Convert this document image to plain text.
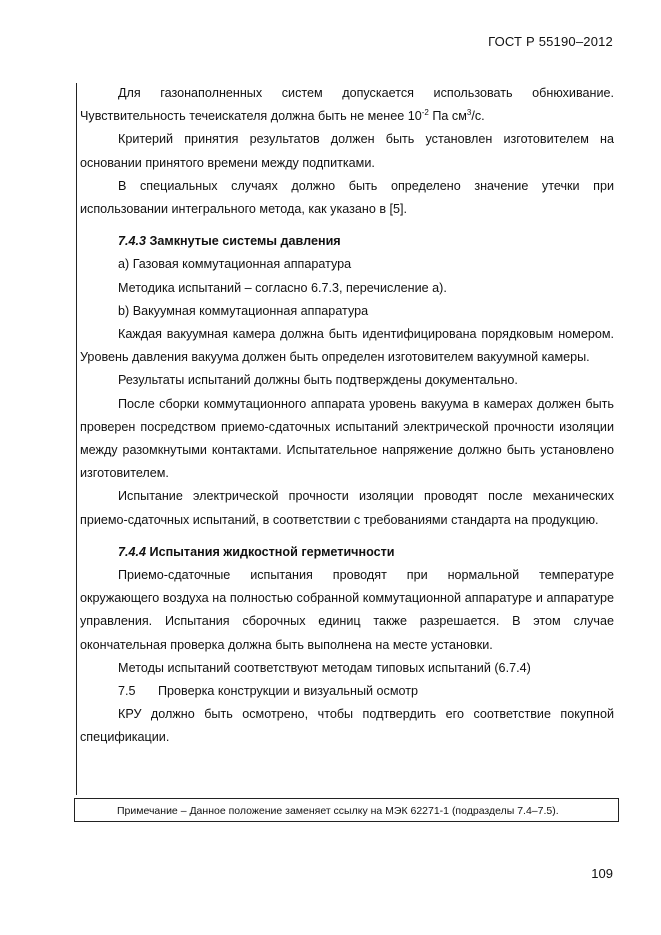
ГОСТ Р 55190–2012

Для газонаполненных систем допускается использовать обнюхивание. Чувствительность течеискателя должна быть не менее $10^{-2}$ Па $см^3/с$.

Критерий принятия результатов должен быть установлен изготовителем на основании принятого времени между подпитками.

В специальных случаях должно быть определено значение утечки при использовании интегрального метода, как указано в [5].

7.4.3 Замкнутые системы давления

а) Газовая коммутационная аппаратура

Методика испытаний – согласно 6.7.3, перечисление а).

b) Вакуумная коммутационная аппаратура

Каждая вакуумная камера должна быть идентифицирована порядковым номером. Уровень давления вакуума должен быть определен изготовителем вакуумной камеры.

Результаты испытаний должны быть подтверждены документально.

После сборки коммутационного аппарата уровень вакуума в камерах должен быть проверен посредством приемо-сдаточных испытаний электрической прочности изоляции между разомкнутыми контактами. Испытательное напряжение должно быть установлено изготовителем.

Испытание электрической прочности изоляции проводят после механических приемо-сдаточных испытаний, в соответствии с требованиями стандарта на продукцию.

7.4.4 Испытания жидкостной герметичности

Приемо-сдаточные испытания проводят при нормальной температуре окружающего воздуха на полностью собранной коммутационной аппаратуре и аппаратуре управления. Испытания сборочных единиц также разрешается. В этом случае окончательная проверка должна быть выполнена на месте установки.

Методы испытаний соответствуют методам типовых испытаний (6.7.4)

7.5 Проверка конструкции и визуальный осмотр

КРУ должно быть осмотрено, чтобы подтвердить его соответствие покупной спецификации.

Примечание – Данное положение заменяет ссылку на МЭК 62271-1 (подразделы 7.4–7.5).
109
